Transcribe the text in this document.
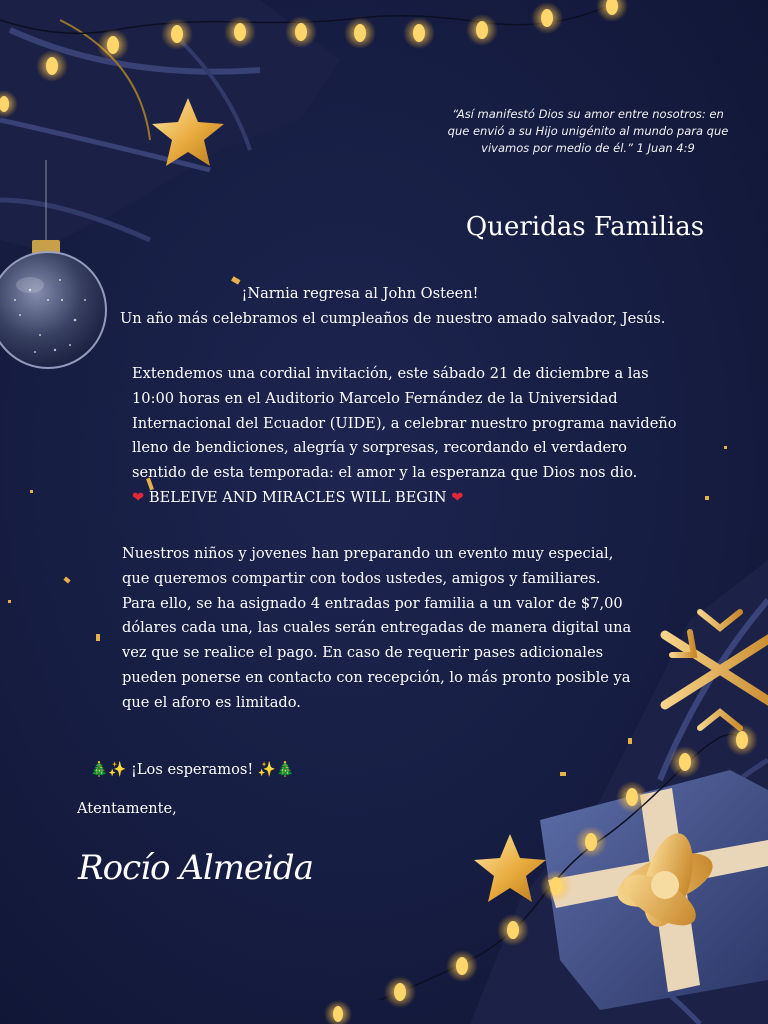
“Así manifestó Dios su amor entre nosotros: en que envió a su Hijo unigénito al mundo para que vivamos por medio de él.” 1 Juan 4:9
Queridas Familias
¡Narnia regresa al John Osteen!
Un año más celebramos el cumpleaños de nuestro amado salvador, Jesús.
Extendemos una cordial invitación, este sábado 21 de diciembre a las
10:00 horas en el Auditorio Marcelo Fernández de la Universidad
Internacional del Ecuador (UIDE), a celebrar nuestro programa navideño
lleno de bendiciones, alegría y sorpresas, recordando el verdadero
sentido de esta temporada: el amor y la esperanza que Dios nos dio.
❤ BELEIVE AND MIRACLES WILL BEGIN ❤
Nuestros niños y jovenes han preparando un evento muy especial,
que queremos compartir con todos ustedes, amigos y familiares.
Para ello, se ha asignado 4 entradas por familia a un valor de $7,00
dólares cada una, las cuales serán entregadas de manera digital una
vez que se realice el pago. En caso de requerir pases adicionales
pueden ponerse en contacto con recepción, lo más pronto posible ya
que el aforo es limitado.
🎄✨ ¡Los esperamos! ✨🎄
Atentamente,
Rocío Almeida
